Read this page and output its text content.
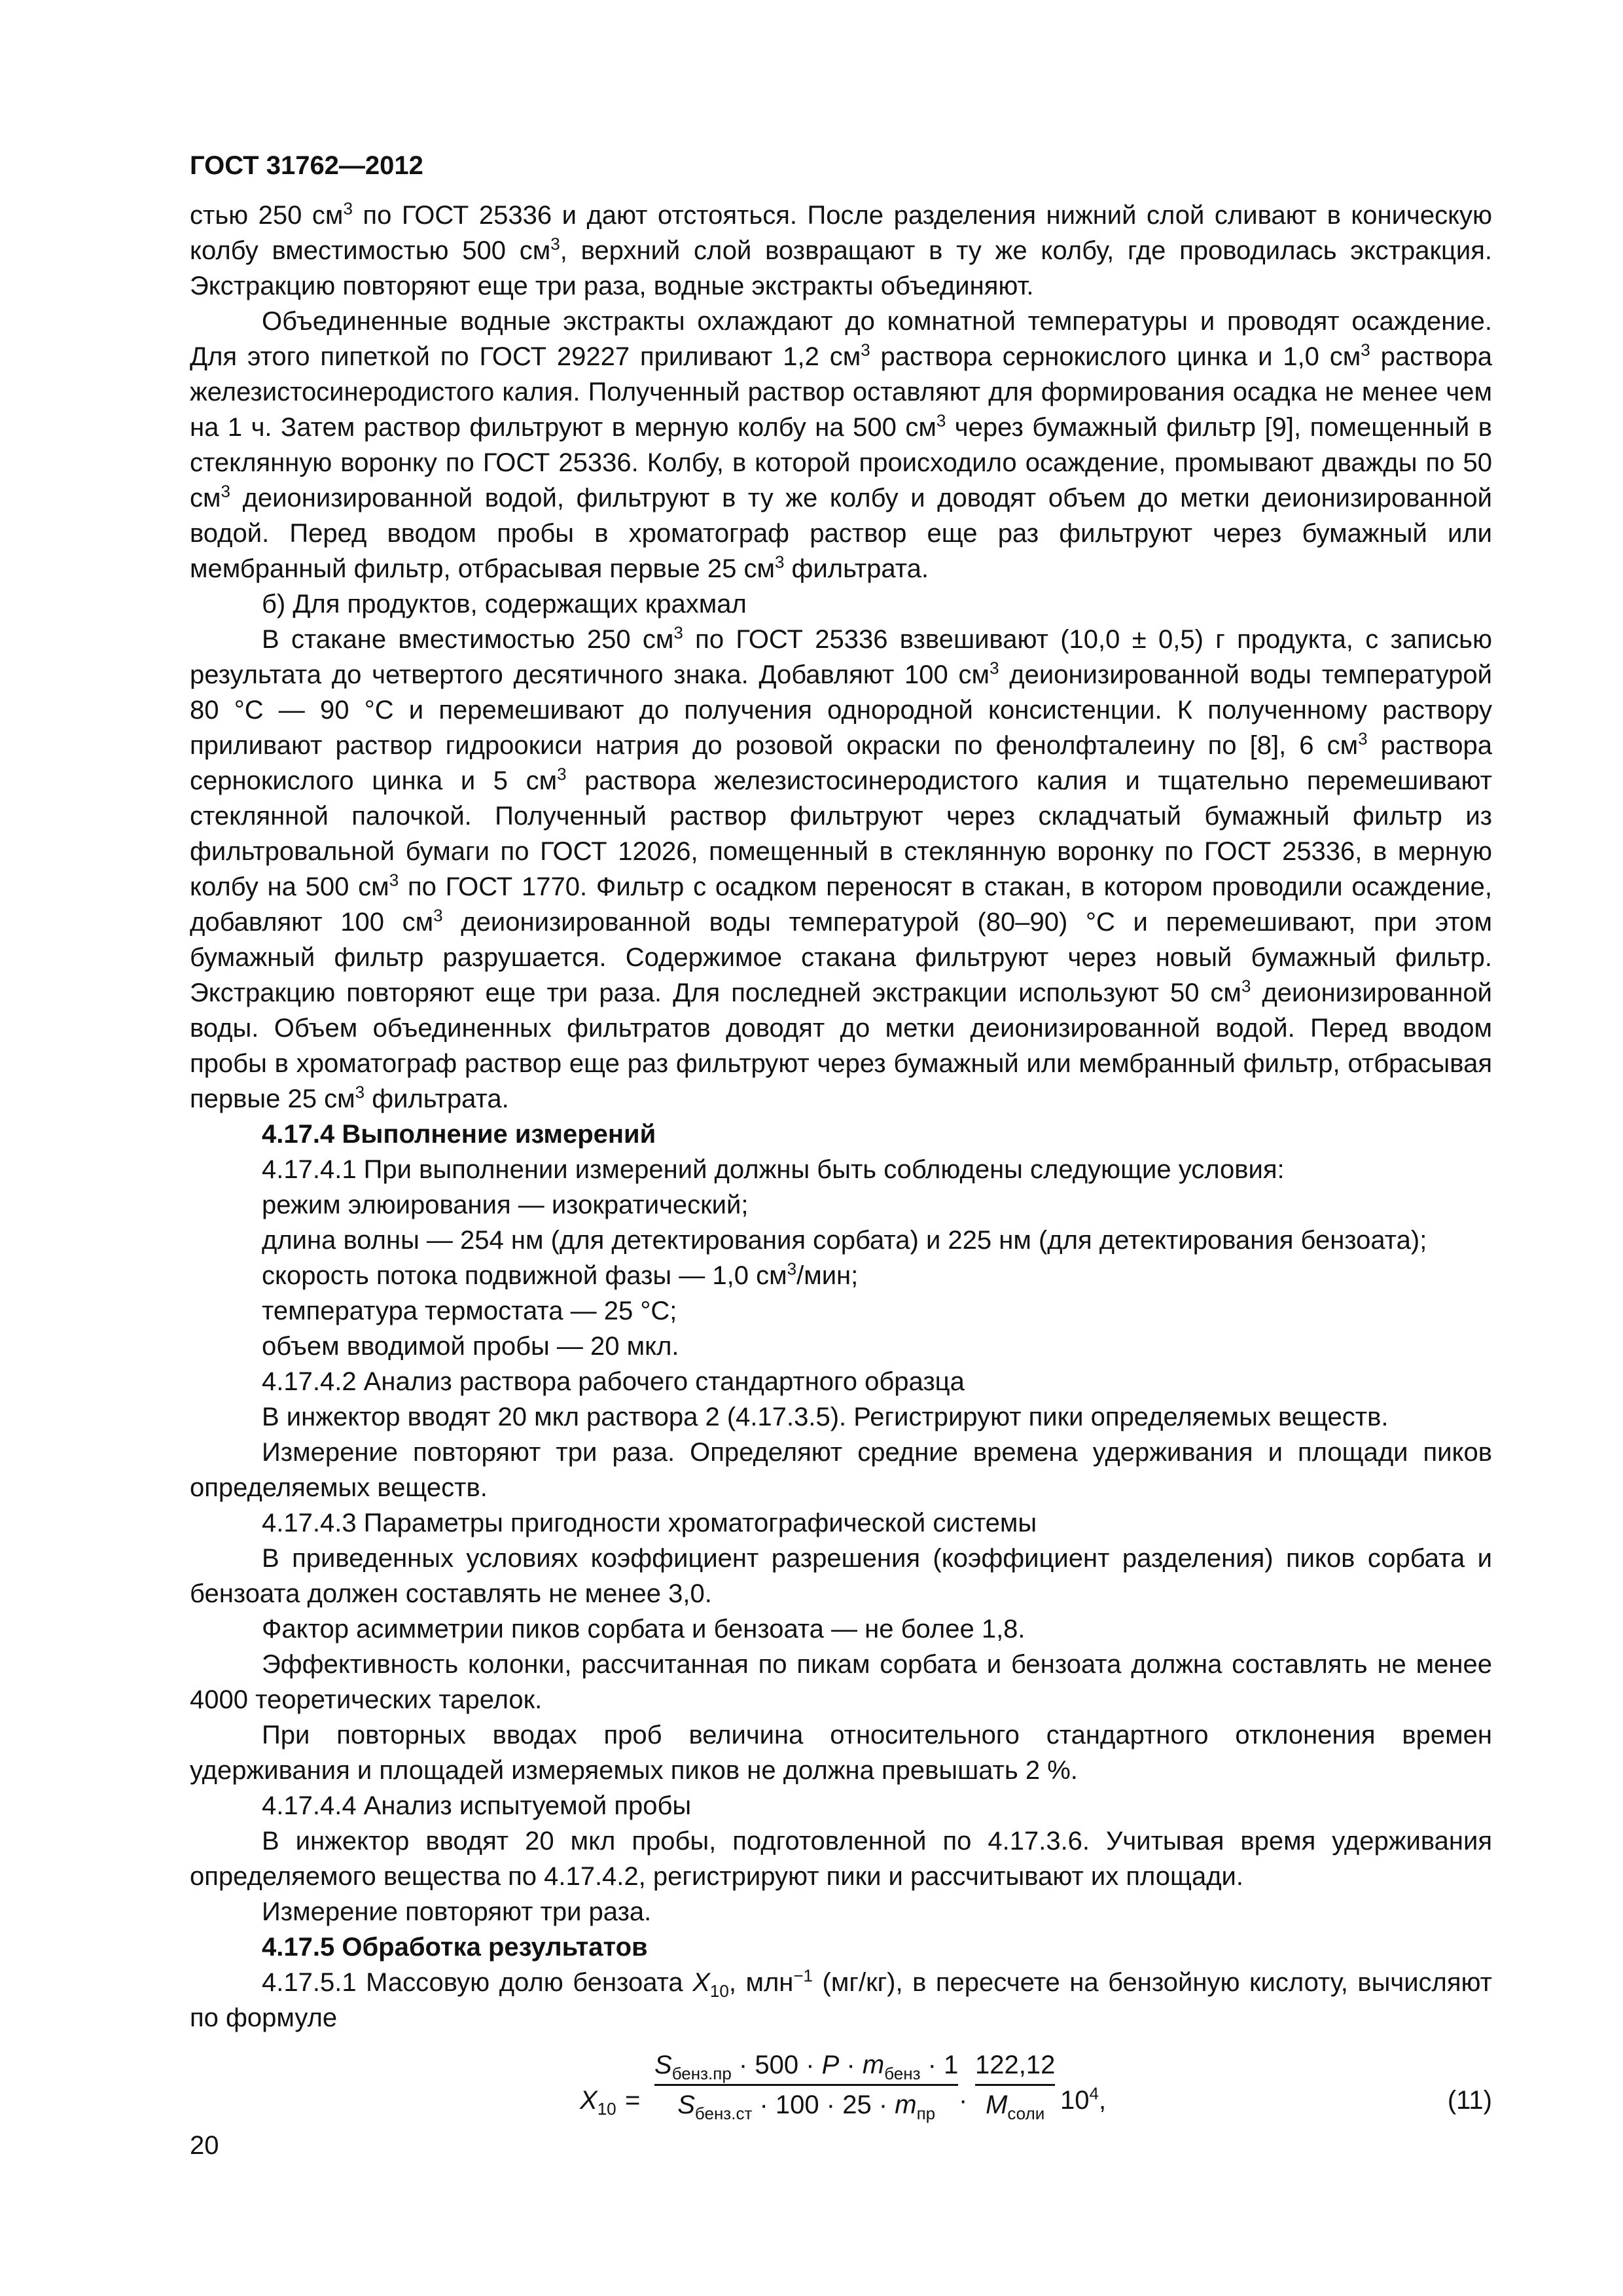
ГОСТ 31762—2012

стью 250 $см^3$ по ГОСТ 25336 и дают отстояться. После разделения нижний слой сливают в коническую колбу вместимостью 500 $см^3$, верхний слой возвращают в ту же колбу, где проводилась экстракция. Экстракцию повторяют еще три раза, водные экстракты объединяют.

Объединенные водные экстракты охлаждают до комнатной температуры и проводят осаждение. Для этого пипеткой по ГОСТ 29227 приливают 1,2 $см^3$ раствора сернокислого цинка и 1,0 $см^3$ раствора железистосинеродистого калия. Полученный раствор оставляют для формирования осадка не менее чем на 1 ч. Затем раствор фильтруют в мерную колбу на 500 $см^3$ через бумажный фильтр [9], помещенный в стеклянную воронку по ГОСТ 25336. Колбу, в которой происходило осаждение, промывают дважды по 50 $см^3$ деионизированной водой, фильтруют в ту же колбу и доводят объем до метки деионизированной водой. Перед вводом пробы в хроматограф раствор еще раз фильтруют через бумажный или мембранный фильтр, отбрасывая первые 25 $см^3$ фильтрата.

б) Для продуктов, содержащих крахмал

В стакане вместимостью 250 $см^3$ по ГОСТ 25336 взвешивают (10,0 ± 0,5) г продукта, с записью результата до четвертого десятичного знака. Добавляют 100 $см^3$ деионизированной воды температурой 80 °С — 90 °С и перемешивают до получения однородной консистенции. К полученному раствору приливают раствор гидроокиси натрия до розовой окраски по фенолфталеину по [8], 6 $см^3$ раствора сернокислого цинка и 5 $см^3$ раствора железистосинеродистого калия и тщательно перемешивают стеклянной палочкой. Полученный раствор фильтруют через складчатый бумажный фильтр из фильтровальной бумаги по ГОСТ 12026, помещенный в стеклянную воронку по ГОСТ 25336, в мерную колбу на 500 $см^3$ по ГОСТ 1770. Фильтр с осадком переносят в стакан, в котором проводили осаждение, добавляют 100 $см^3$ деионизированной воды температурой (80–90) °С и перемешивают, при этом бумажный фильтр разрушается. Содержимое стакана фильтруют через новый бумажный фильтр. Экстракцию повторяют еще три раза. Для последней экстракции используют 50 $см^3$ деионизированной воды. Объем объединенных фильтратов доводят до метки деионизированной водой. Перед вводом пробы в хроматограф раствор еще раз фильтруют через бумажный или мембранный фильтр, отбрасывая первые 25 $см^3$ фильтрата.

4.17.4 Выполнение измерений

4.17.4.1 При выполнении измерений должны быть соблюдены следующие условия:

режим элюирования — изократический;

длина волны — 254 нм (для детектирования сорбата) и 225 нм (для детектирования бензоата);

скорость потока подвижной фазы — 1,0 $см^3$/мин;

температура термостата — 25 °С;

объем вводимой пробы — 20 мкл.

4.17.4.2 Анализ раствора рабочего стандартного образца

В инжектор вводят 20 мкл раствора 2 (4.17.3.5). Регистрируют пики определяемых веществ.

Измерение повторяют три раза. Определяют средние времена удерживания и площади пиков определяемых веществ.

4.17.4.3 Параметры пригодности хроматографической системы

В приведенных условиях коэффициент разрешения (коэффициент разделения) пиков сорбата и бензоата должен составлять не менее 3,0.

Фактор асимметрии пиков сорбата и бензоата — не более 1,8.

Эффективность колонки, рассчитанная по пикам сорбата и бензоата должна составлять не менее 4000 теоретических тарелок.

При повторных вводах проб величина относительного стандартного отклонения времен удерживания и площадей измеряемых пиков не должна превышать 2 %.

4.17.4.4 Анализ испытуемой пробы

В инжектор вводят 20 мкл пробы, подготовленной по 4.17.3.6. Учитывая время удерживания определяемого вещества по 4.17.4.2, регистрируют пики и рассчитывают их площади.

Измерение повторяют три раза.

4.17.5 Обработка результатов

4.17.5.1 Массовую долю бензоата $X_{10}$, млн$^{-1}$ (мг/кг), в пересчете на бензойную кислоту, вычисляют по формуле

$X_{10}$ =
$S_{бенз.пр} \cdot 500 \cdot P \cdot m_{бенз} \cdot 1$
$S_{бенз.ст} \cdot 100 \cdot 25 \cdot m_{пр}$ ·
122,12
$M_{соли}$ $10^4$,	(11)
20
